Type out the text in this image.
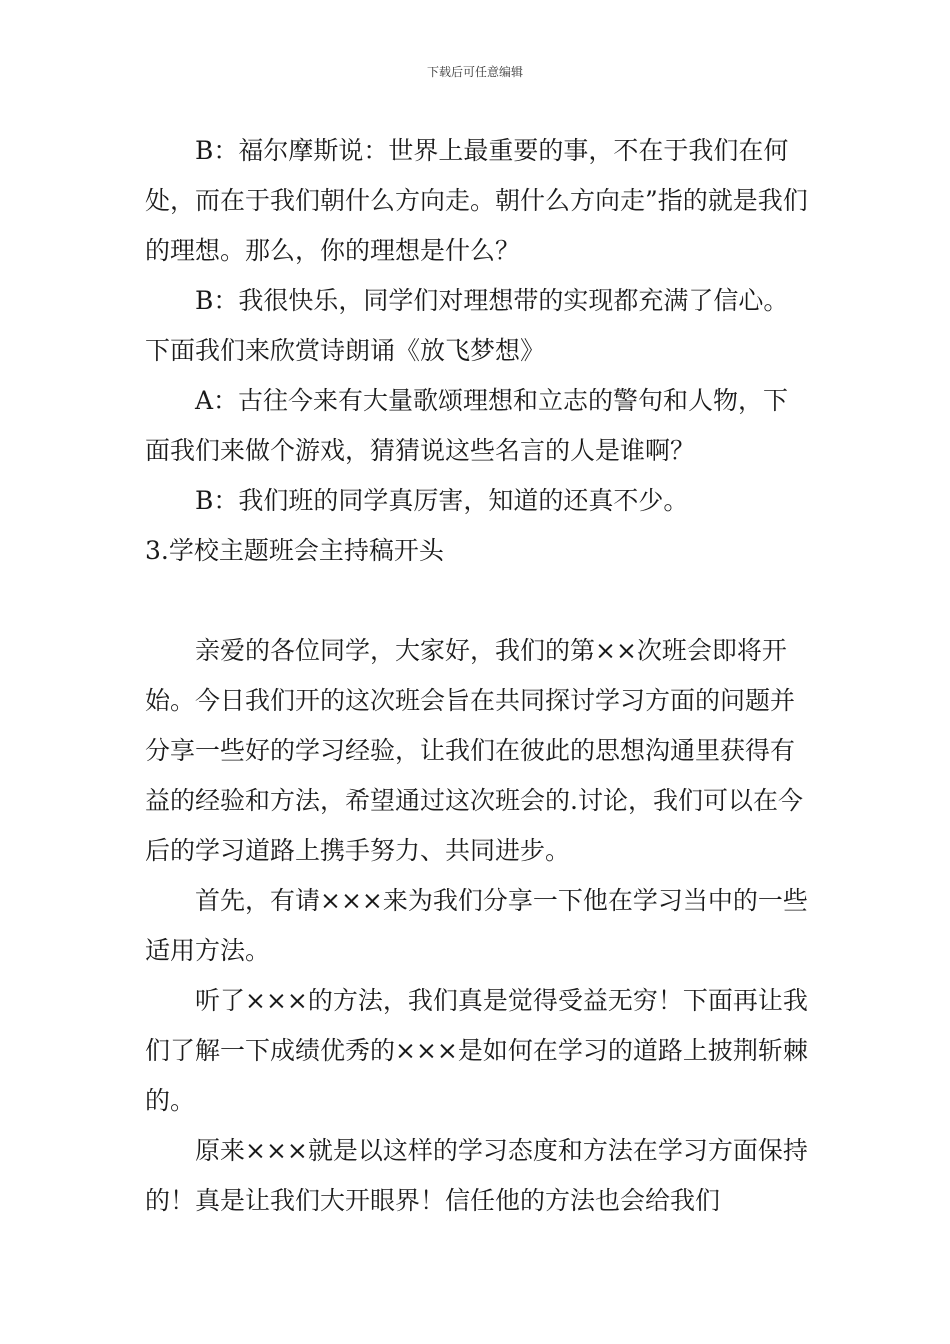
下载后可任意编辑

B：福尔摩斯说：世界上最重要的事，不在于我们在何处，而在于我们朝什么方向走。朝什么方向走”指的就是我们的理想。那么，你的理想是什么？

B：我很快乐，同学们对理想带的实现都充满了信心。

下面我们来欣赏诗朗诵《放飞梦想》

A：古往今来有大量歌颂理想和立志的警句和人物，下面我们来做个游戏，猜猜说这些名言的人是谁啊？

B：我们班的同学真厉害，知道的还真不少。

3.学校主题班会主持稿开头

亲爱的各位同学，大家好，我们的第××次班会即将开始。今日我们开的这次班会旨在共同探讨学习方面的问题并分享一些好的学习经验，让我们在彼此的思想沟通里获得有益的经验和方法，希望通过这次班会的.讨论，我们可以在今后的学习道路上携手努力、共同进步。

首先，有请×××来为我们分享一下他在学习当中的一些适用方法。

听了×××的方法，我们真是觉得受益无穷！下面再让我们了解一下成绩优秀的×××是如何在学习的道路上披荆斩棘的。

原来×××就是以这样的学习态度和方法在学习方面保持的！真是让我们大开眼界！信任他的方法也会给我们
